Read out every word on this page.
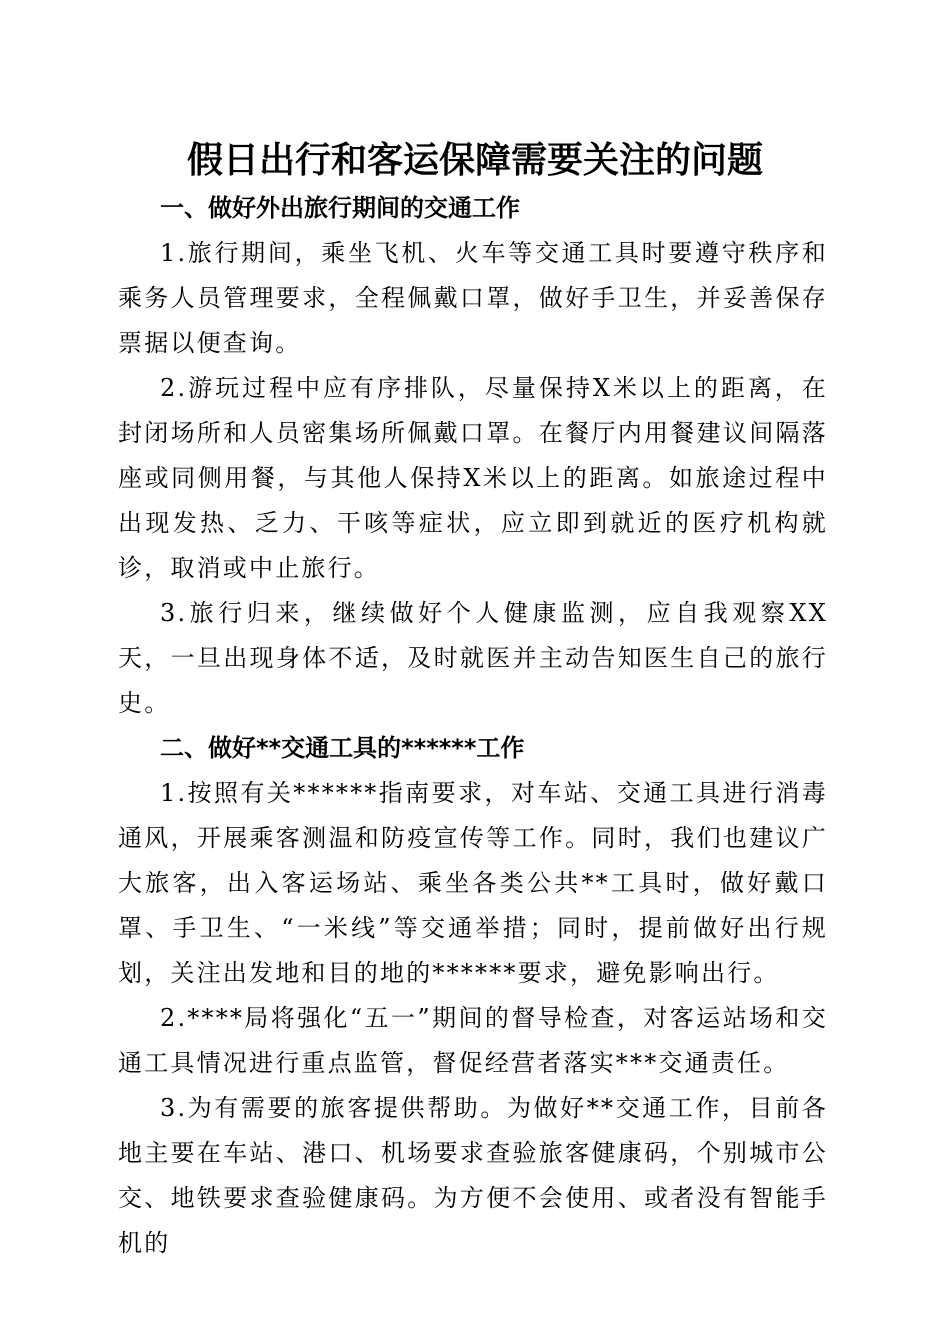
假日出行和客运保障需要关注的问题

一、做好外出旅行期间的交通工作

1.旅行期间，乘坐飞机、火车等交通工具时要遵守秩序和乘务人员管理要求，全程佩戴口罩，做好手卫生，并妥善保存票据以便查询。

2.游玩过程中应有序排队，尽量保持X米以上的距离，在封闭场所和人员密集场所佩戴口罩。在餐厅内用餐建议间隔落座或同侧用餐，与其他人保持X米以上的距离。如旅途过程中出现发热、乏力、干咳等症状，应立即到就近的医疗机构就诊，取消或中止旅行。

3.旅行归来，继续做好个人健康监测，应自我观察XX天，一旦出现身体不适，及时就医并主动告知医生自己的旅行史。

二、做好**交通工具的******工作

1.按照有关******指南要求，对车站、交通工具进行消毒通风，开展乘客测温和防疫宣传等工作。同时，我们也建议广大旅客，出入客运场站、乘坐各类公共**工具时，做好戴口罩、手卫生、“一米线”等交通举措；同时，提前做好出行规划，关注出发地和目的地的******要求，避免影响出行。

2.****局将强化“五一”期间的督导检查，对客运站场和交通工具情况进行重点监管，督促经营者落实***交通责任。

3.为有需要的旅客提供帮助。为做好**交通工作，目前各地主要在车站、港口、机场要求查验旅客健康码，个别城市公交、地铁要求查验健康码。为方便不会使用、或者没有智能手机的
